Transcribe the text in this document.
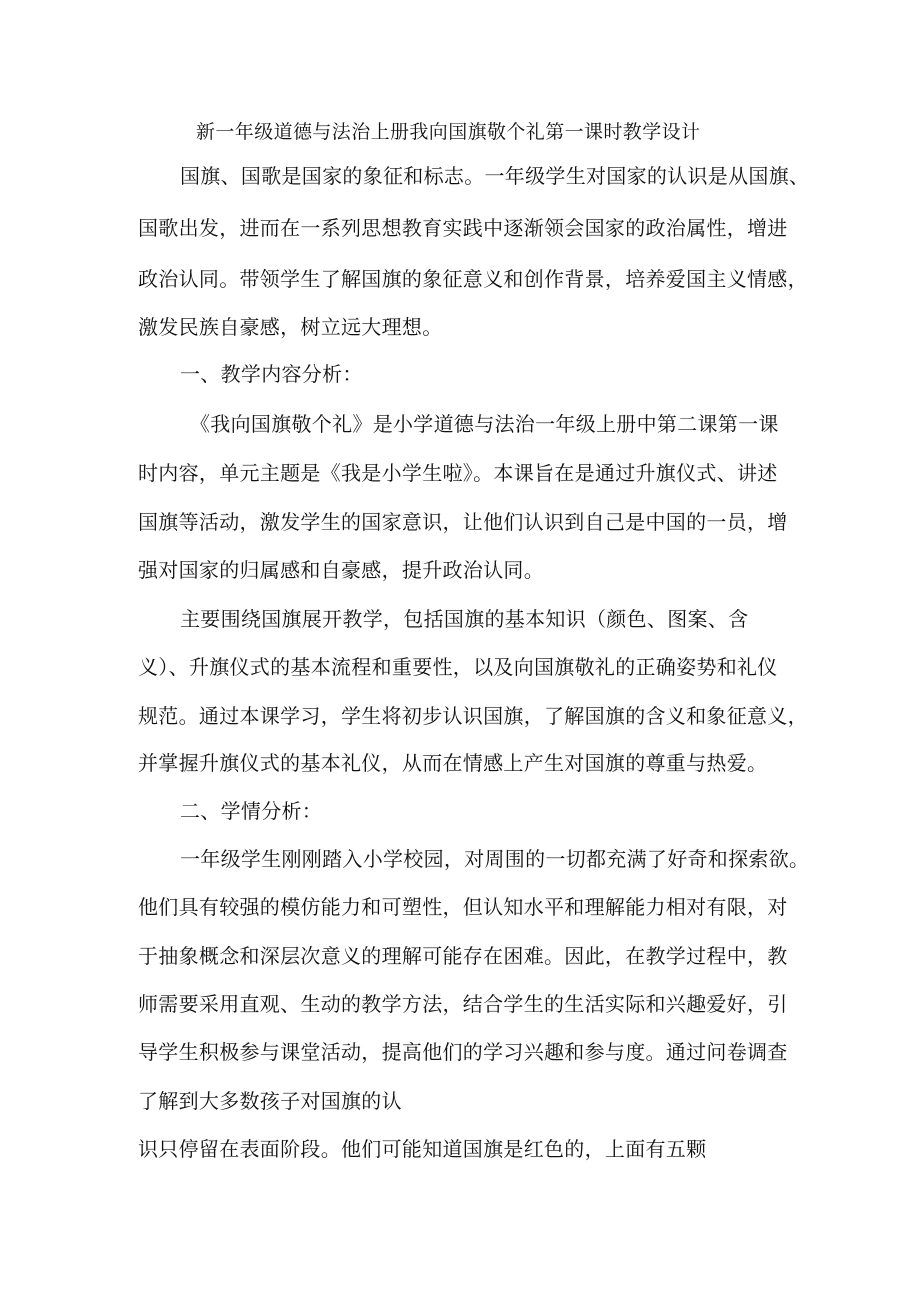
新一年级道德与法治上册我向国旗敬个礼第一课时教学设计
国旗、国歌是国家的象征和标志。一年级学生对国家的认识是从国旗、
国歌出发，进而在一系列思想教育实践中逐渐领会国家的政治属性，增进
政治认同。带领学生了解国旗的象征意义和创作背景，培养爱国主义情感，
激发民族自豪感，树立远大理想。
一、教学内容分析：
《我向国旗敬个礼》是小学道德与法治一年级上册中第二课第一课
时内容，单元主题是《我是小学生啦》。本课旨在是通过升旗仪式、讲述
国旗等活动，激发学生的国家意识，让他们认识到自己是中国的一员，增
强对国家的归属感和自豪感，提升政治认同。
主要围绕国旗展开教学，包括国旗的基本知识（颜色、图案、含
义）、升旗仪式的基本流程和重要性，以及向国旗敬礼的正确姿势和礼仪
规范。通过本课学习，学生将初步认识国旗，了解国旗的含义和象征意义，
并掌握升旗仪式的基本礼仪，从而在情感上产生对国旗的尊重与热爱。
二、学情分析：
一年级学生刚刚踏入小学校园，对周围的一切都充满了好奇和探索欲。
他们具有较强的模仿能力和可塑性，但认知水平和理解能力相对有限，对
于抽象概念和深层次意义的理解可能存在困难。因此，在教学过程中，教
师需要采用直观、生动的教学方法，结合学生的生活实际和兴趣爱好，引
导学生积极参与课堂活动，提高他们的学习兴趣和参与度。通过问卷调查
了解到大多数孩子对国旗的认
识只停留在表面阶段。他们可能知道国旗是红色的，上面有五颗
